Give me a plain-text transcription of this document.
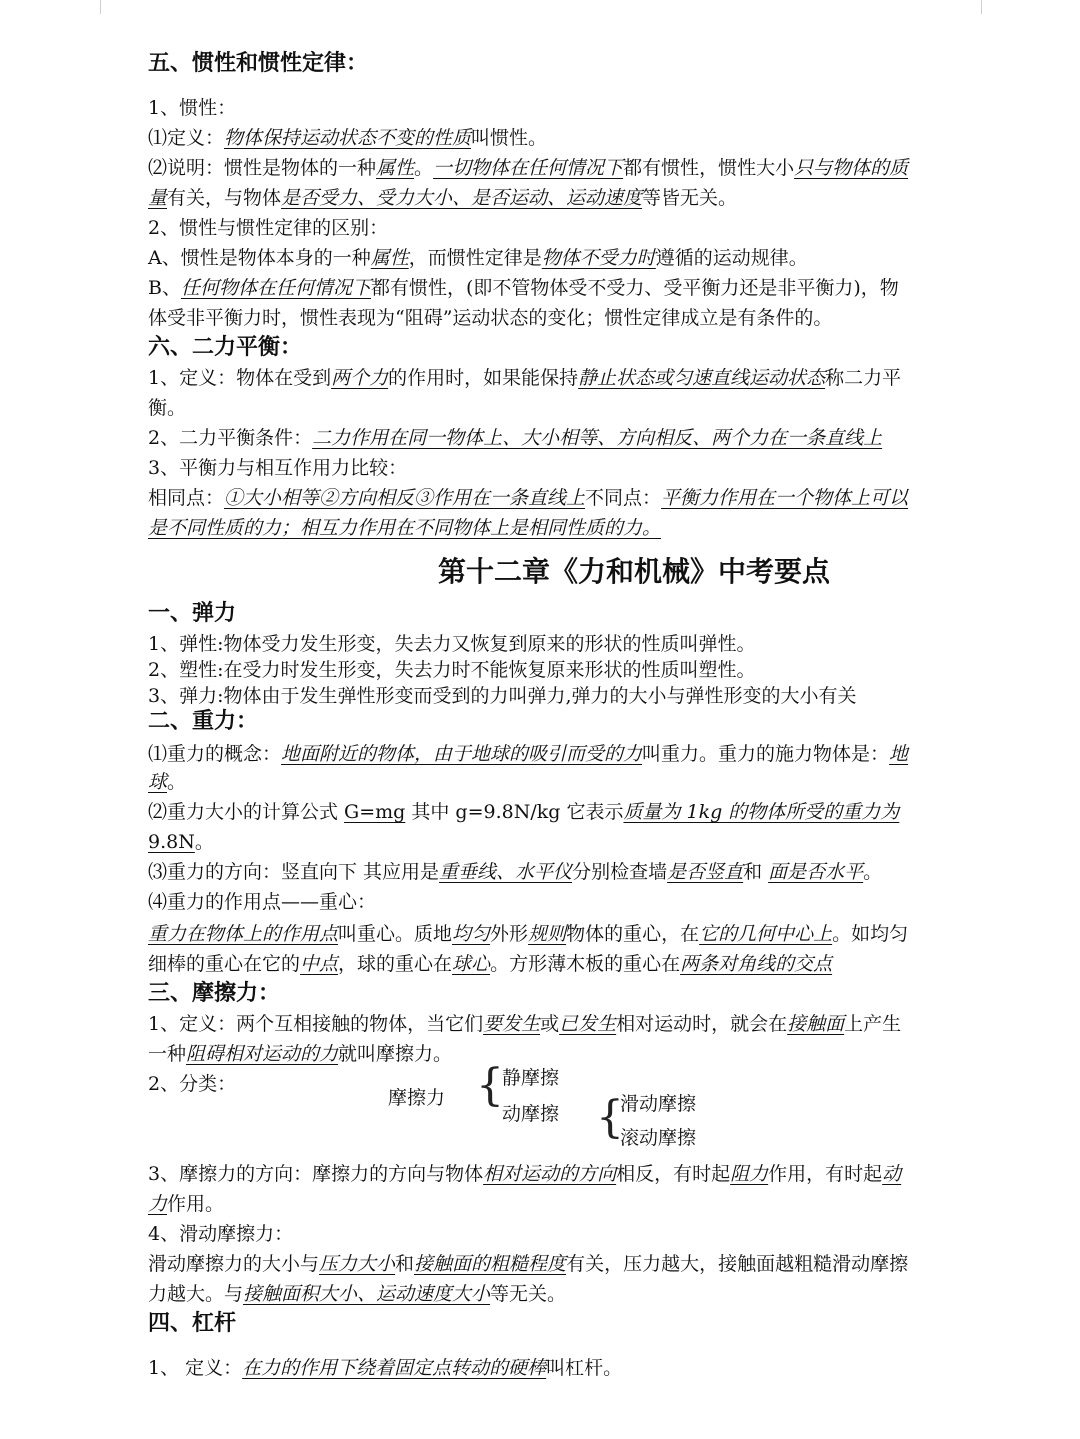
五、惯性和惯性定律：
1、惯性：
⑴定义：物体保持运动状态不变的性质叫惯性。
⑵说明：惯性是物体的一种属性。一切物体在任何情况下都有惯性，惯性大小只与物体的质
量有关，与物体是否受力、受力大小、是否运动、运动速度等皆无关。
2、惯性与惯性定律的区别：
A、惯性是物体本身的一种属性，而惯性定律是物体不受力时遵循的运动规律。
B、任何物体在任何情况下都有惯性，(即不管物体受不受力、受平衡力还是非平衡力)，物
体受非平衡力时，惯性表现为“阻碍”运动状态的变化；惯性定律成立是有条件的。
六、二力平衡：
1、定义：物体在受到两个力的作用时，如果能保持静止状态或匀速直线运动状态称二力平
衡。
2、二力平衡条件：二力作用在同一物体上、大小相等、方向相反、两个力在一条直线上
3、平衡力与相互作用力比较：
相同点：①大小相等②方向相反③作用在一条直线上不同点：平衡力作用在一个物体上可以
是不同性质的力；相互力作用在不同物体上是相同性质的力。
第十二章《力和机械》中考要点
一、弹力
1、弹性:物体受力发生形变，失去力又恢复到原来的形状的性质叫弹性。
2、塑性:在受力时发生形变，失去力时不能恢复原来形状的性质叫塑性。
3、弹力:物体由于发生弹性形变而受到的力叫弹力,弹力的大小与弹性形变的大小有关
二、重力：
⑴重力的概念：地面附近的物体，由于地球的吸引而受的力叫重力。重力的施力物体是：地
球。
⑵重力大小的计算公式 G=mg 其中 g=9.8N/kg 它表示质量为 1kg 的物体所受的重力为
9.8N。
⑶重力的方向：竖直向下 其应用是重垂线、水平仪分别检查墙是否竖直和 面是否水平。
⑷重力的作用点——重心：
重力在物体上的作用点叫重心。质地均匀外形规则物体的重心，在它的几何中心上。如均匀
细棒的重心在它的中点，球的重心在球心。方形薄木板的重心在两条对角线的交点
三、摩擦力：
1、定义：两个互相接触的物体，当它们要发生或已发生相对运动时，就会在接触面上产生
一种阻碍相对运动的力就叫摩擦力。
2、分类：
摩擦力 {
静摩擦
动摩擦 {
滑动摩擦
滚动摩擦
3、摩擦力的方向：摩擦力的方向与物体相对运动的方向相反，有时起阻力作用，有时起动
力作用。
4、滑动摩擦力：
滑动摩擦力的大小与压力大小和接触面的粗糙程度有关，压力越大，接触面越粗糙滑动摩擦
力越大。与接触面积大小、运动速度大小等无关。
四、杠杆
1、 定义：在力的作用下绕着固定点转动的硬棒叫杠杆。
